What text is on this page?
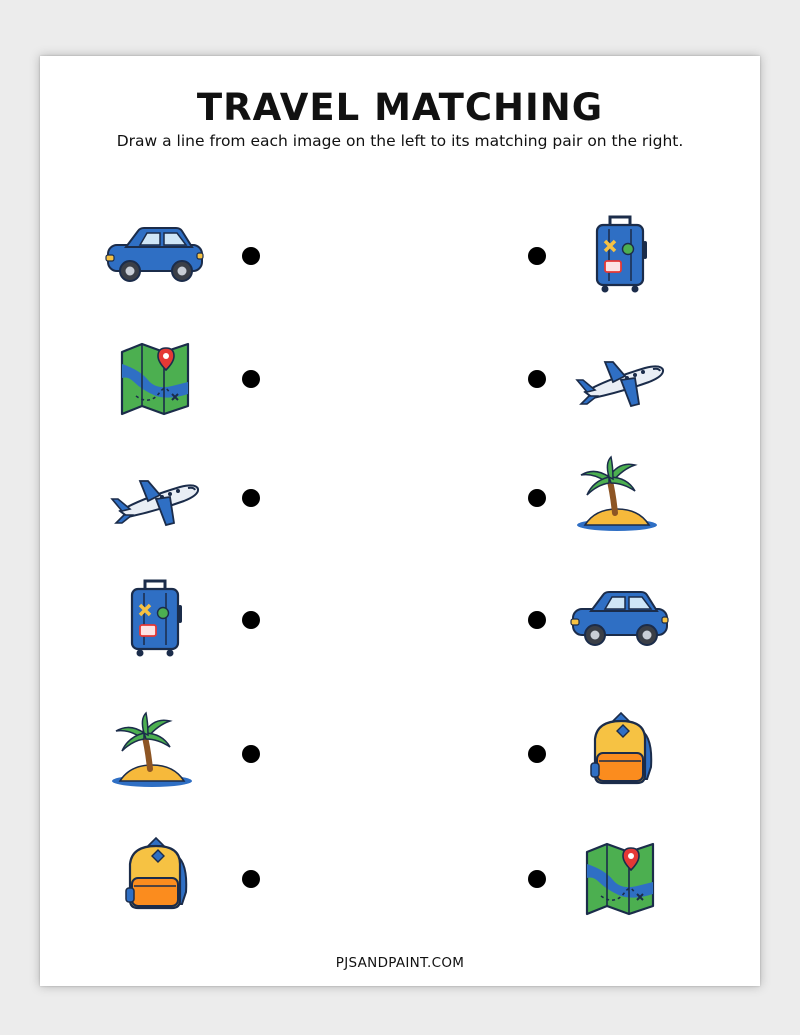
TRAVEL MATCHING
Draw a line from each image on the left to its matching pair on the right.
PJSANDPAINT.COM
